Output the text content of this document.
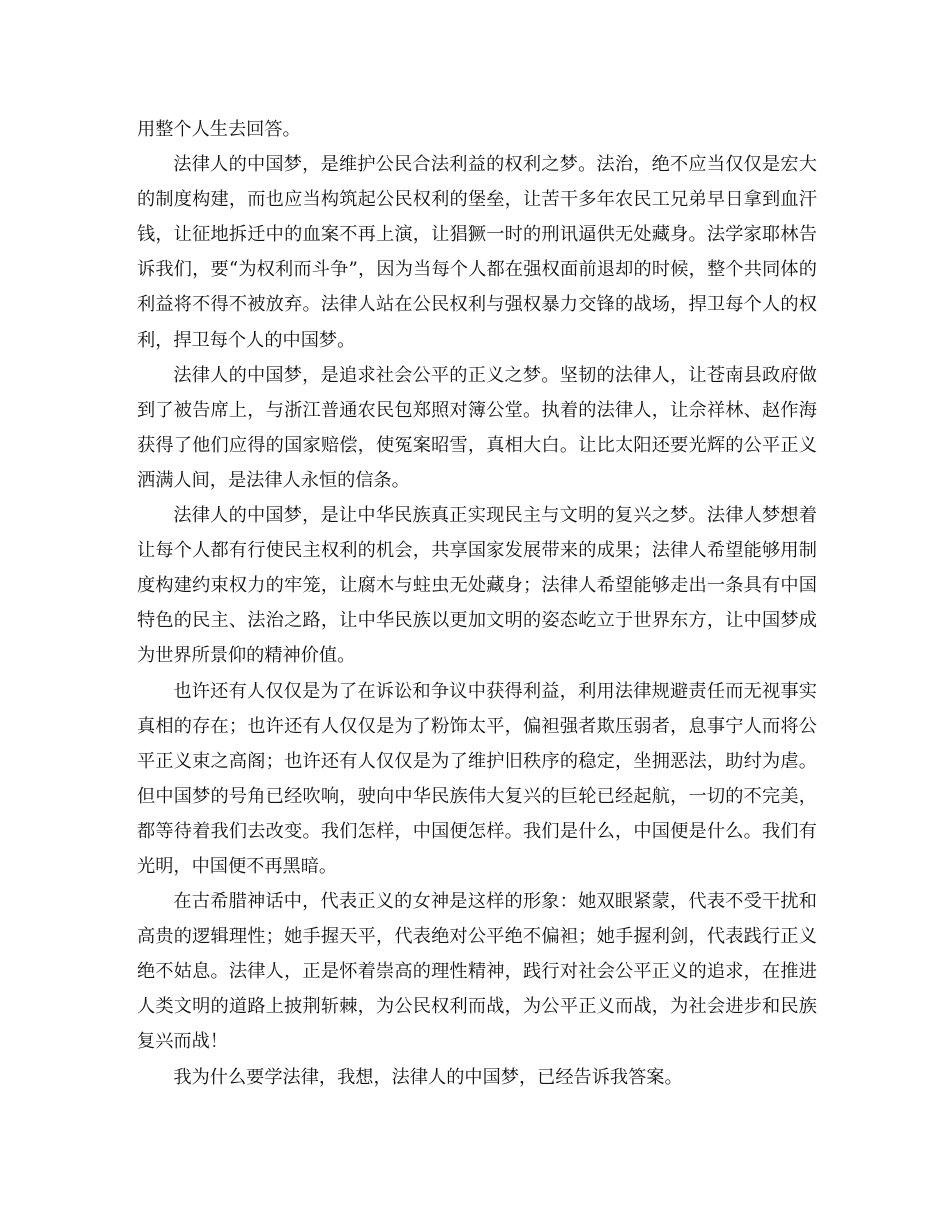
用整个人生去回答。

法律人的中国梦，是维护公民合法利益的权利之梦。法治，绝不应当仅仅是宏大的制度构建，而也应当构筑起公民权利的堡垒，让苦干多年农民工兄弟早日拿到血汗钱，让征地拆迁中的血案不再上演，让猖獗一时的刑讯逼供无处藏身。法学家耶林告诉我们，要“为权利而斗争”，因为当每个人都在强权面前退却的时候，整个共同体的利益将不得不被放弃。法律人站在公民权利与强权暴力交锋的战场，捍卫每个人的权利，捍卫每个人的中国梦。

法律人的中国梦，是追求社会公平的正义之梦。坚韧的法律人，让苍南县政府做到了被告席上，与浙江普通农民包郑照对簿公堂。执着的法律人，让佘祥林、赵作海获得了他们应得的国家赔偿，使冤案昭雪，真相大白。让比太阳还要光辉的公平正义洒满人间，是法律人永恒的信条。

法律人的中国梦，是让中华民族真正实现民主与文明的复兴之梦。法律人梦想着让每个人都有行使民主权利的机会，共享国家发展带来的成果；法律人希望能够用制度构建约束权力的牢笼，让腐木与蛀虫无处藏身；法律人希望能够走出一条具有中国特色的民主、法治之路，让中华民族以更加文明的姿态屹立于世界东方，让中国梦成为世界所景仰的精神价值。

也许还有人仅仅是为了在诉讼和争议中获得利益，利用法律规避责任而无视事实真相的存在；也许还有人仅仅是为了粉饰太平，偏袒强者欺压弱者，息事宁人而将公平正义束之高阁；也许还有人仅仅是为了维护旧秩序的稳定，坐拥恶法，助纣为虐。但中国梦的号角已经吹响，驶向中华民族伟大复兴的巨轮已经起航，一切的不完美，都等待着我们去改变。我们怎样，中国便怎样。我们是什么，中国便是什么。我们有光明，中国便不再黑暗。

在古希腊神话中，代表正义的女神是这样的形象：她双眼紧蒙，代表不受干扰和高贵的逻辑理性；她手握天平，代表绝对公平绝不偏袒；她手握利剑，代表践行正义绝不姑息。法律人，正是怀着崇高的理性精神，践行对社会公平正义的追求，在推进人类文明的道路上披荆斩棘，为公民权利而战，为公平正义而战，为社会进步和民族复兴而战！

我为什么要学法律，我想，法律人的中国梦，已经告诉我答案。
